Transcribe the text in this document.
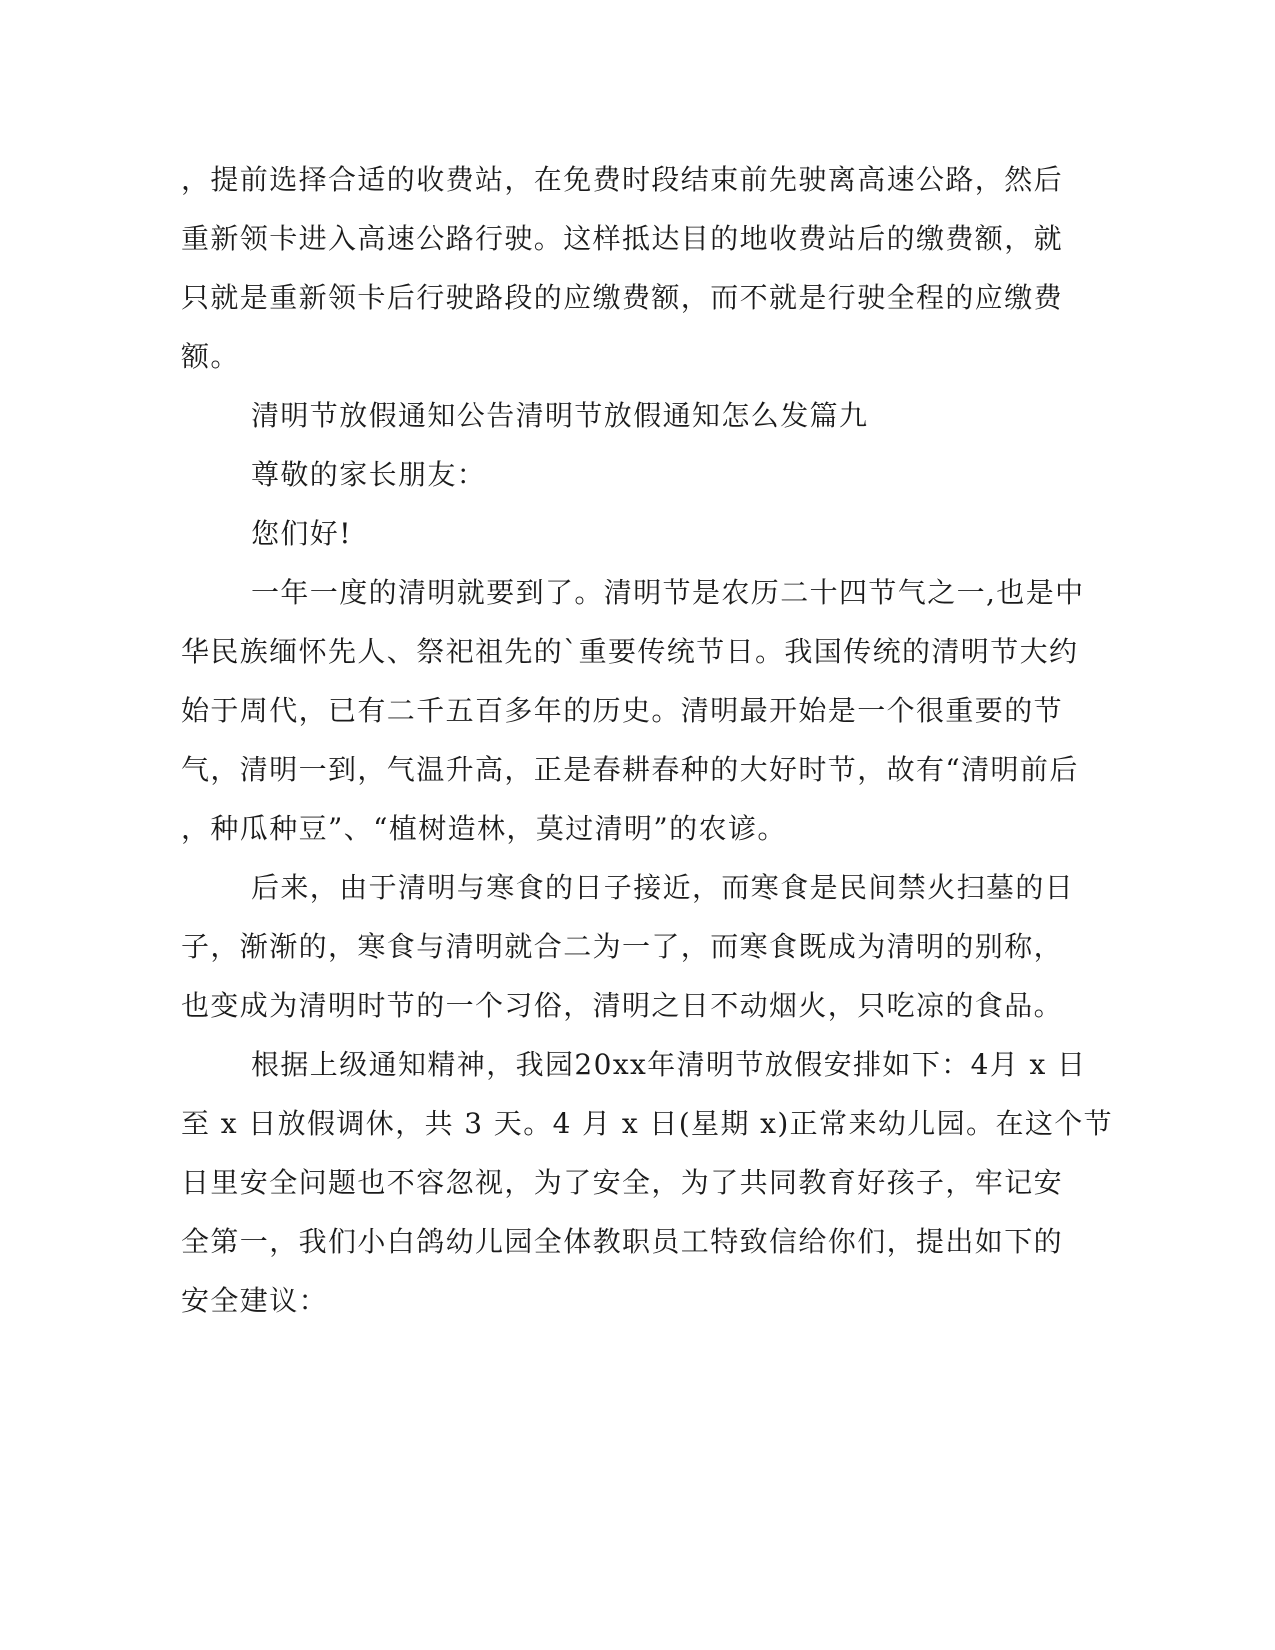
，提前选择合适的收费站，在免费时段结束前先驶离高速公路，然后
重新领卡进入高速公路行驶。这样抵达目的地收费站后的缴费额，就
只就是重新领卡后行驶路段的应缴费额，而不就是行驶全程的应缴费
额。
清明节放假通知公告清明节放假通知怎么发篇九
尊敬的家长朋友：
您们好!
一年一度的清明就要到了。清明节是农历二十四节气之一,也是中
华民族缅怀先人、祭祀祖先的`重要传统节日。我国传统的清明节大约
始于周代，已有二千五百多年的历史。清明最开始是一个很重要的节
气，清明一到，气温升高，正是春耕春种的大好时节，故有“清明前后
，种瓜种豆”、“植树造林，莫过清明”的农谚。
后来，由于清明与寒食的日子接近，而寒食是民间禁火扫墓的日
子，渐渐的，寒食与清明就合二为一了，而寒食既成为清明的别称，
也变成为清明时节的一个习俗，清明之日不动烟火，只吃凉的食品。
根据上级通知精神，我园20xx年清明节放假安排如下：4月 x 日
至 x 日放假调休，共 3 天。4 月 x 日(星期 x)正常来幼儿园。在这个节
日里安全问题也不容忽视，为了安全，为了共同教育好孩子，牢记安
全第一，我们小白鸽幼儿园全体教职员工特致信给你们，提出如下的
安全建议：
